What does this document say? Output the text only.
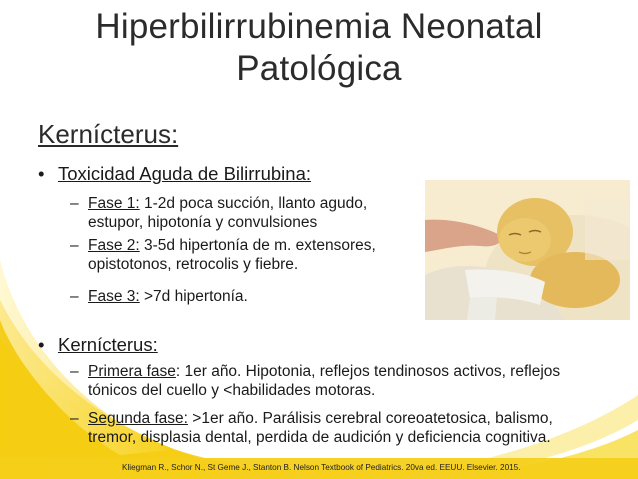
Hiperbilirrubinemia Neonatal
Patológica
Kernícterus:
• Toxicidad Aguda de Bilirrubina:
– Fase 1: 1-2d poca succión, llanto agudo,
estupor, hipotonía y convulsiones
– Fase 2: 3-5d hipertonía de m. extensores,
opistotonos, retrocolis y fiebre.
– Fase 3: >7d hipertonía.
• Kernícterus:
– Primera fase: 1er año. Hipotonia, reflejos tendinosos activos, reflejos
tónicos del cuello y <habilidades motoras.
– Segunda fase: >1er año. Parálisis cerebral coreoatetosica, balismo,
tremor, displasia dental, perdida de audición y deficiencia cognitiva.
Kliegman R., Schor N., St Geme J., Stanton B. Nelson Textbook of Pediatrics. 20va ed. EEUU. Elsevier. 2015.
